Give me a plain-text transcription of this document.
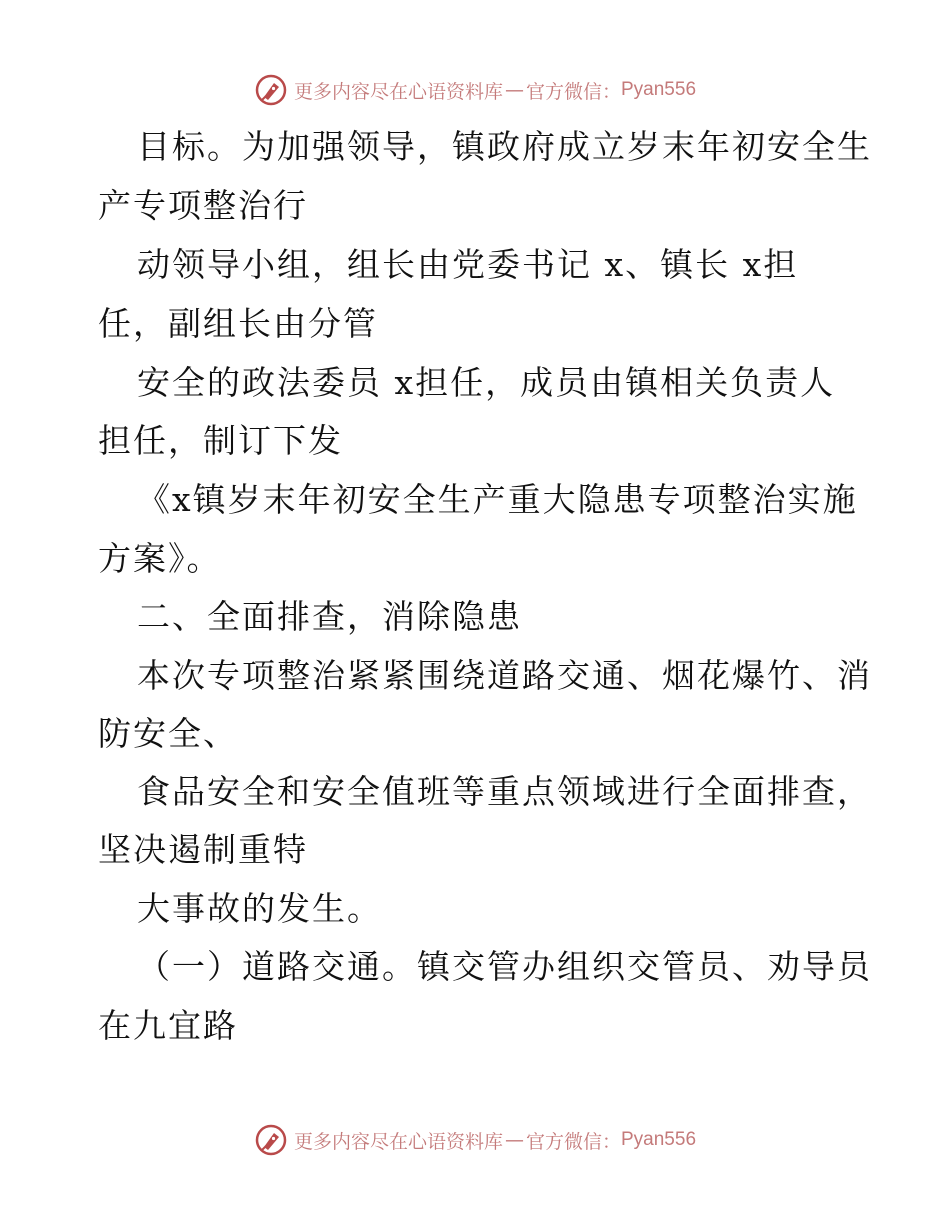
更多内容尽在心语资料库 — 官方微信： Pyan556
目标。为加强领导，镇政府成立岁末年初安全生
产专项整治行
动领导小组，组长由党委书记 x、镇长 x担
任，副组长由分管
安全的政法委员 x担任，成员由镇相关负责人
担任，制订下发
《x镇岁末年初安全生产重大隐患专项整治实施
方案》。
二、全面排查，消除隐患
本次专项整治紧紧围绕道路交通、烟花爆竹、消
防安全、
食品安全和安全值班等重点领域进行全面排查，
坚决遏制重特
大事故的发生。
（一）道路交通。镇交管办组织交管员、劝导员
在九宜路
更多内容尽在心语资料库 — 官方微信： Pyan556
